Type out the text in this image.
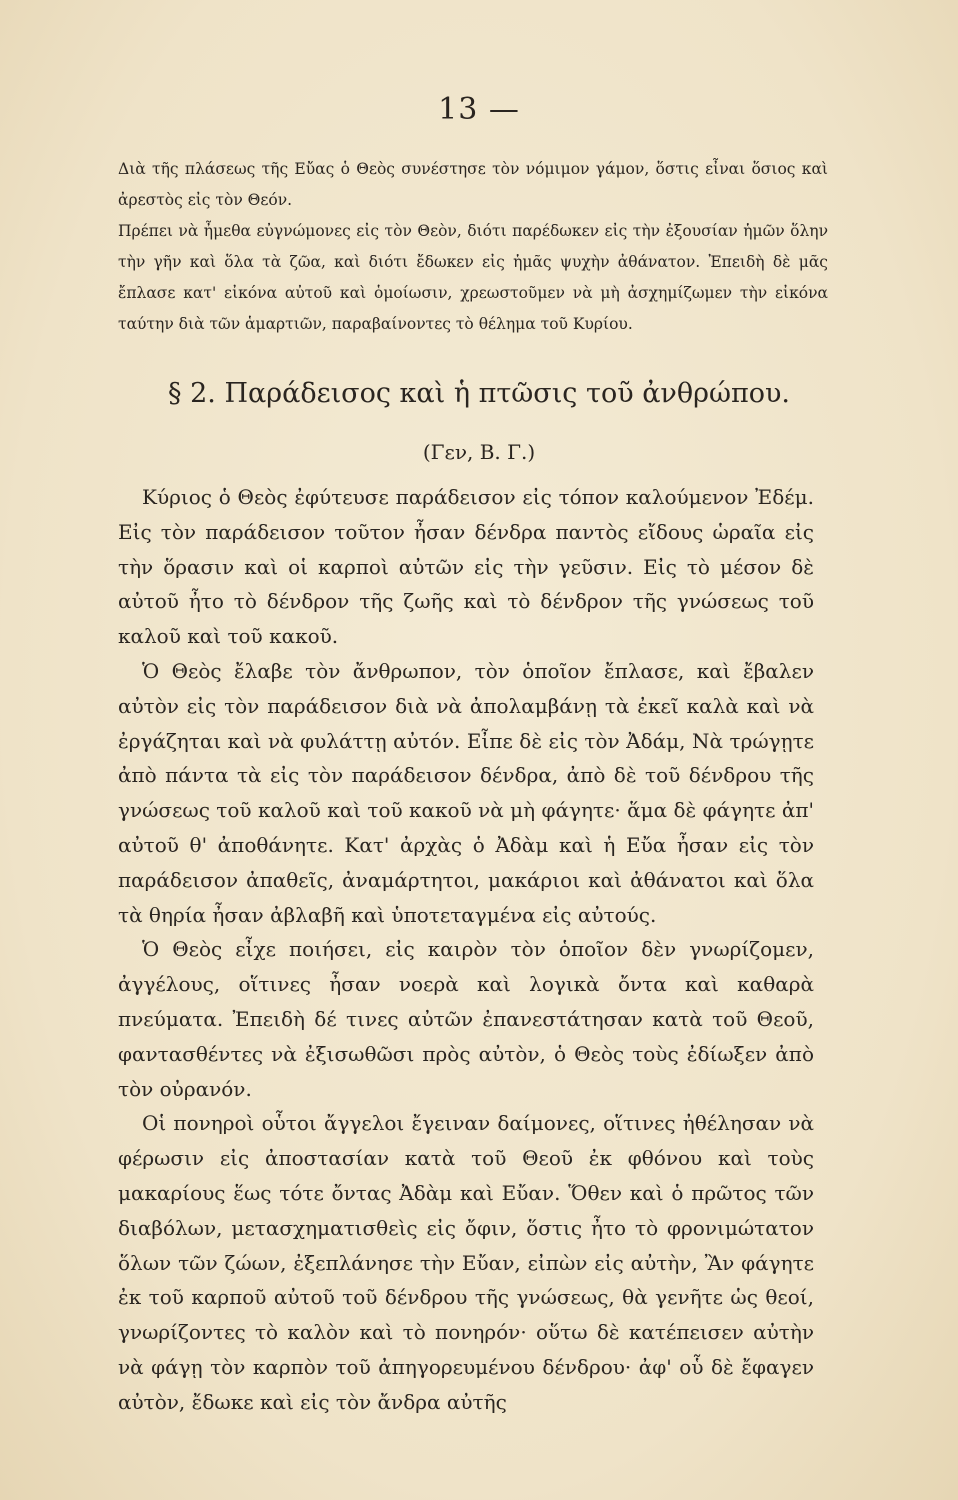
13 —

Διὰ τῆς πλάσεως τῆς Εὔας ὁ Θεὸς συνέστησε τὸν νόμιμον γάμον, ὅστις εἶναι ὅσιος καὶ ἀρεστὸς εἰς τὸν Θεόν.

Πρέπει νὰ ἦμεθα εὐγνώμονες εἰς τὸν Θεὸν, διότι παρέδωκεν εἰς τὴν ἐξουσίαν ἡμῶν ὅλην τὴν γῆν καὶ ὅλα τὰ ζῶα, καὶ διότι ἔδωκεν εἰς ἡμᾶς ψυχὴν ἀθάνατον. Ἐπειδὴ δὲ μᾶς ἔπλασε κατ' εἰκόνα αὐτοῦ καὶ ὁμοίωσιν, χρεωστοῦμεν νὰ μὴ ἀσχημίζωμεν τὴν εἰκόνα ταύτην διὰ τῶν ἁμαρτιῶν, παραβαίνοντες τὸ θέλημα τοῦ Κυρίου.

§ 2. Παράδεισος καὶ ἡ πτῶσις τοῦ ἀνθρώπου.
(Γεν, Β. Γ.)

Κύριος ὁ Θεὸς ἐφύτευσε παράδεισον εἰς τόπον καλούμενον Ἐδέμ. Εἰς τὸν παράδεισον τοῦτον ἦσαν δένδρα παντὸς εἴδους ὡραῖα εἰς τὴν ὅρασιν καὶ οἱ καρποὶ αὐτῶν εἰς τὴν γεῦσιν. Εἰς τὸ μέσον δὲ αὐτοῦ ἦτο τὸ δένδρον τῆς ζωῆς καὶ τὸ δένδρον τῆς γνώσεως τοῦ καλοῦ καὶ τοῦ κακοῦ.

Ὁ Θεὸς ἔλαβε τὸν ἄνθρωπον, τὸν ὁποῖον ἔπλασε, καὶ ἔβαλεν αὐτὸν εἰς τὸν παράδεισον διὰ νὰ ἀπολαμβάνῃ τὰ ἐκεῖ καλὰ καὶ νὰ ἐργάζηται καὶ νὰ φυλάττῃ αὐτόν. Εἶπε δὲ εἰς τὸν Ἀδάμ, Νὰ τρώγῃτε ἀπὸ πάντα τὰ εἰς τὸν παράδεισον δένδρα, ἀπὸ δὲ τοῦ δένδρου τῆς γνώσεως τοῦ καλοῦ καὶ τοῦ κακοῦ νὰ μὴ φάγητε· ἅμα δὲ φάγητε ἀπ' αὐτοῦ θ' ἀποθάνητε. Κατ' ἀρχὰς ὁ Ἀδὰμ καὶ ἡ Εὔα ἦσαν εἰς τὸν παράδεισον ἀπαθεῖς, ἀναμάρτητοι, μακάριοι καὶ ἀθάνατοι καὶ ὅλα τὰ θηρία ἦσαν ἀβλαβῆ καὶ ὑποτεταγμένα εἰς αὐτούς.

Ὁ Θεὸς εἶχε ποιήσει, εἰς καιρὸν τὸν ὁποῖον δὲν γνωρίζομεν, ἀγγέλους, οἵτινες ἦσαν νοερὰ καὶ λογικὰ ὄντα καὶ καθαρὰ πνεύματα. Ἐπειδὴ δέ τινες αὐτῶν ἐπανεστάτησαν κατὰ τοῦ Θεοῦ, φαντασθέντες νὰ ἐξισωθῶσι πρὸς αὐτὸν, ὁ Θεὸς τοὺς ἐδίωξεν ἀπὸ τὸν οὐρανόν.

Οἱ πονηροὶ οὗτοι ἄγγελοι ἔγειναν δαίμονες, οἵτινες ἠθέλησαν νὰ φέρωσιν εἰς ἀποστασίαν κατὰ τοῦ Θεοῦ ἐκ φθόνου καὶ τοὺς μακαρίους ἕως τότε ὄντας Ἀδὰμ καὶ Εὔαν. Ὅθεν καὶ ὁ πρῶτος τῶν διαβόλων, μετασχηματισθεὶς εἰς ὄφιν, ὅστις ἦτο τὸ φρονιμώτατον ὅλων τῶν ζώων, ἐξεπλάνησε τὴν Εὔαν, εἰπὼν εἰς αὐτὴν, Ἂν φάγητε ἐκ τοῦ καρποῦ αὐτοῦ τοῦ δένδρου τῆς γνώσεως, θὰ γενῆτε ὡς θεοί, γνωρίζοντες τὸ καλὸν καὶ τὸ πονηρόν· οὕτω δὲ κατέπεισεν αὐτὴν νὰ φάγῃ τὸν καρπὸν τοῦ ἀπηγορευμένου δένδρου· ἀφ' οὗ δὲ ἔφαγεν αὐτὸν, ἔδωκε καὶ εἰς τὸν ἄνδρα αὐτῆς
